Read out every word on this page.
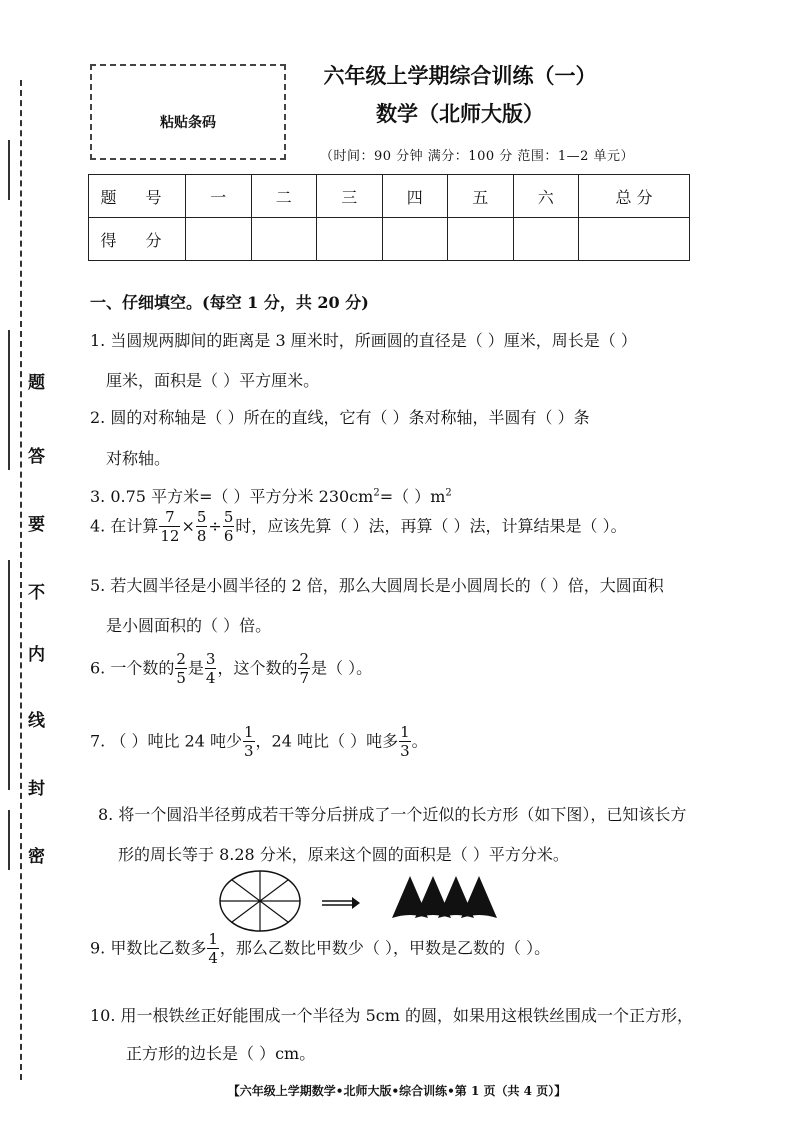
题
答
要
不
内
线
封
密
粘贴条码
六年级上学期综合训练（一）
数学（北师大版）
（时间：90 分钟 满分：100 分 范围：1—2 单元）
题 号	一	二	三	四	五	六	总 分
得 分							
一、仔细填空。(每空 1 分，共 20 分)
1. 当圆规两脚间的距离是 3 厘米时，所画圆的直径是（ ）厘米，周长是（ ）
厘米，面积是（ ）平方厘米。
2. 圆的对称轴是（ ）所在的直线，它有（ ）条对称轴，半圆有（ ）条
对称轴。
3. 0.75 平方米=（ ）平方分米 $230cm^2=$（ ）$m^2$
4. 在计算 $\frac{7}{12} \times \frac{5}{8} \div \frac{5}{6}$ 时，应该先算（ ）法，再算（ ）法，计算结果是（ ）。
5. 若大圆半径是小圆半径的 2 倍，那么大圆周长是小圆周长的（ ）倍，大圆面积
是小圆面积的（ ）倍。
6. 一个数的 $\frac{2}{5}$ 是 $\frac{3}{4}$ ，这个数的 $\frac{2}{7}$ 是（ ）。
7. （ ）吨比 24 吨少 $\frac{1}{3}$ ，24 吨比（ ）吨多 $\frac{1}{3}$ 。
8. 将一个圆沿半径剪成若干等分后拼成了一个近似的长方形（如下图），已知该长方
形的周长等于 8.28 分米，原来这个圆的面积是（ ）平方分米。
9. 甲数比乙数多 $\frac{1}{4}$ ，那么乙数比甲数少（ ），甲数是乙数的（ ）。
10. 用一根铁丝正好能围成一个半径为 5cm 的圆，如果用这根铁丝围成一个正方形，
正方形的边长是（ ）cm。
【六年级上学期数学•北师大版•综合训练•第 1 页（共 4 页）】
